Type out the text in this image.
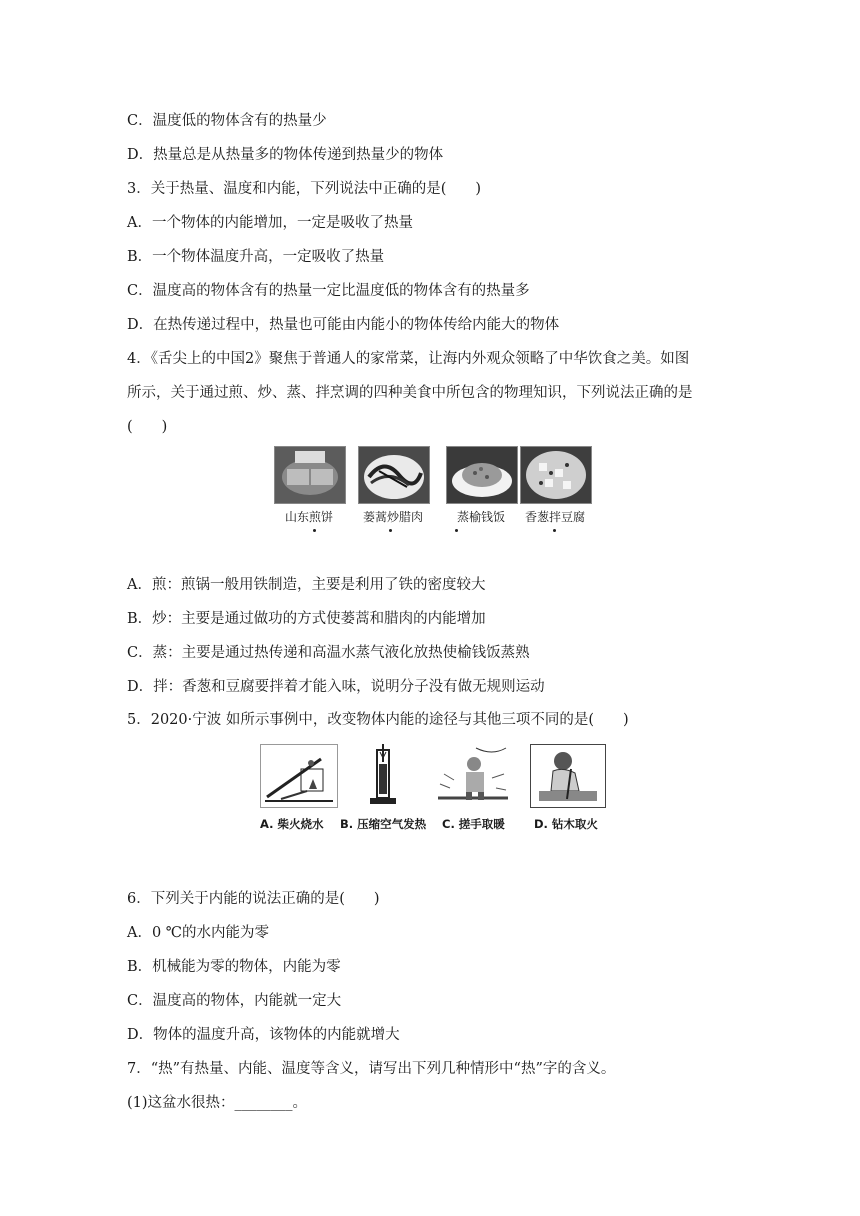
C．温度低的物体含有的热量少
D．热量总是从热量多的物体传递到热量少的物体
3．关于热量、温度和内能，下列说法中正确的是(　　)
A．一个物体的内能增加，一定是吸收了热量
B．一个物体温度升高，一定吸收了热量
C．温度高的物体含有的热量一定比温度低的物体含有的热量多
D．在热传递过程中，热量也可能由内能小的物体传给内能大的物体
4．《舌尖上的中国2》聚焦于普通人的家常菜，让海内外观众领略了中华饮食之美。如图
所示，关于通过煎、炒、蒸、拌烹调的四种美食中所包含的物理知识，下列说法正确的是
(　　)
山东煎饼	蒌蒿炒腊肉	蒸榆钱饭	香葱拌豆腐
A．煎：煎锅一般用铁制造，主要是利用了铁的密度较大
B．炒：主要是通过做功的方式使蒌蒿和腊肉的内能增加
C．蒸：主要是通过热传递和高温水蒸气液化放热使榆钱饭蒸熟
D．拌：香葱和豆腐要拌着才能入味，说明分子没有做无规则运动
5．2020·宁波 如所示事例中，改变物体内能的途径与其他三项不同的是(　　)
A. 柴火烧水 B. 压缩空气发热 C. 搓手取暖	D. 钻木取火
6．下列关于内能的说法正确的是(　　)
A．0 ℃的水内能为零
B．机械能为零的物体，内能为零
C．温度高的物体，内能就一定大
D．物体的温度升高，该物体的内能就增大
7．“热”有热量、内能、温度等含义，请写出下列几种情形中“热”字的含义。
(1)这盆水很热：________。
